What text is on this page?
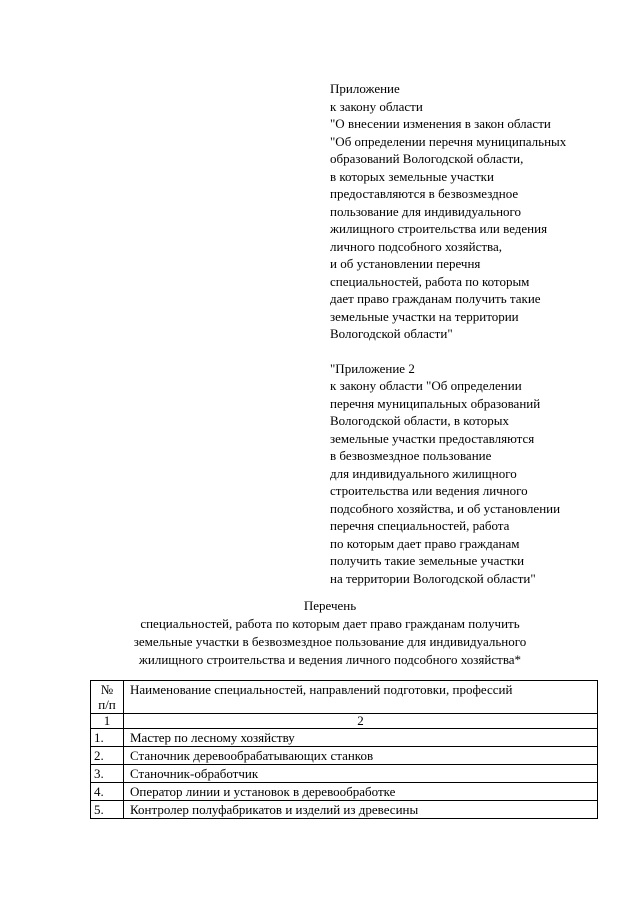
Приложение
к закону области
"О внесении изменения в закон области
"Об определении перечня муниципальных
образований Вологодской области,
в которых земельные участки
предоставляются в безвозмездное
пользование для индивидуального
жилищного строительства или ведения
личного подсобного хозяйства,
и об установлении перечня
специальностей, работа по которым
дает право гражданам получить такие
земельные участки на территории
Вологодской области"
"Приложение 2
к закону области "Об определении
перечня муниципальных образований
Вологодской области, в которых
земельные участки предоставляются
в безвозмездное пользование
для индивидуального жилищного
строительства или ведения личного
подсобного хозяйства, и об установлении
перечня специальностей, работа
по которым дает право гражданам
получить такие земельные участки
на территории Вологодской области"
Перечень
специальностей, работа по которым дает право гражданам получить
земельные участки в безвозмездное пользование для индивидуального
жилищного строительства и ведения личного подсобного хозяйства*
№
п/п	Наименование специальностей, направлений подготовки, профессий
1	2
1.	Мастер по лесному хозяйству
2.	Станочник деревообрабатывающих станков
3.	Станочник-обработчик
4.	Оператор линии и установок в деревообработке
5.	Контролер полуфабрикатов и изделий из древесины
